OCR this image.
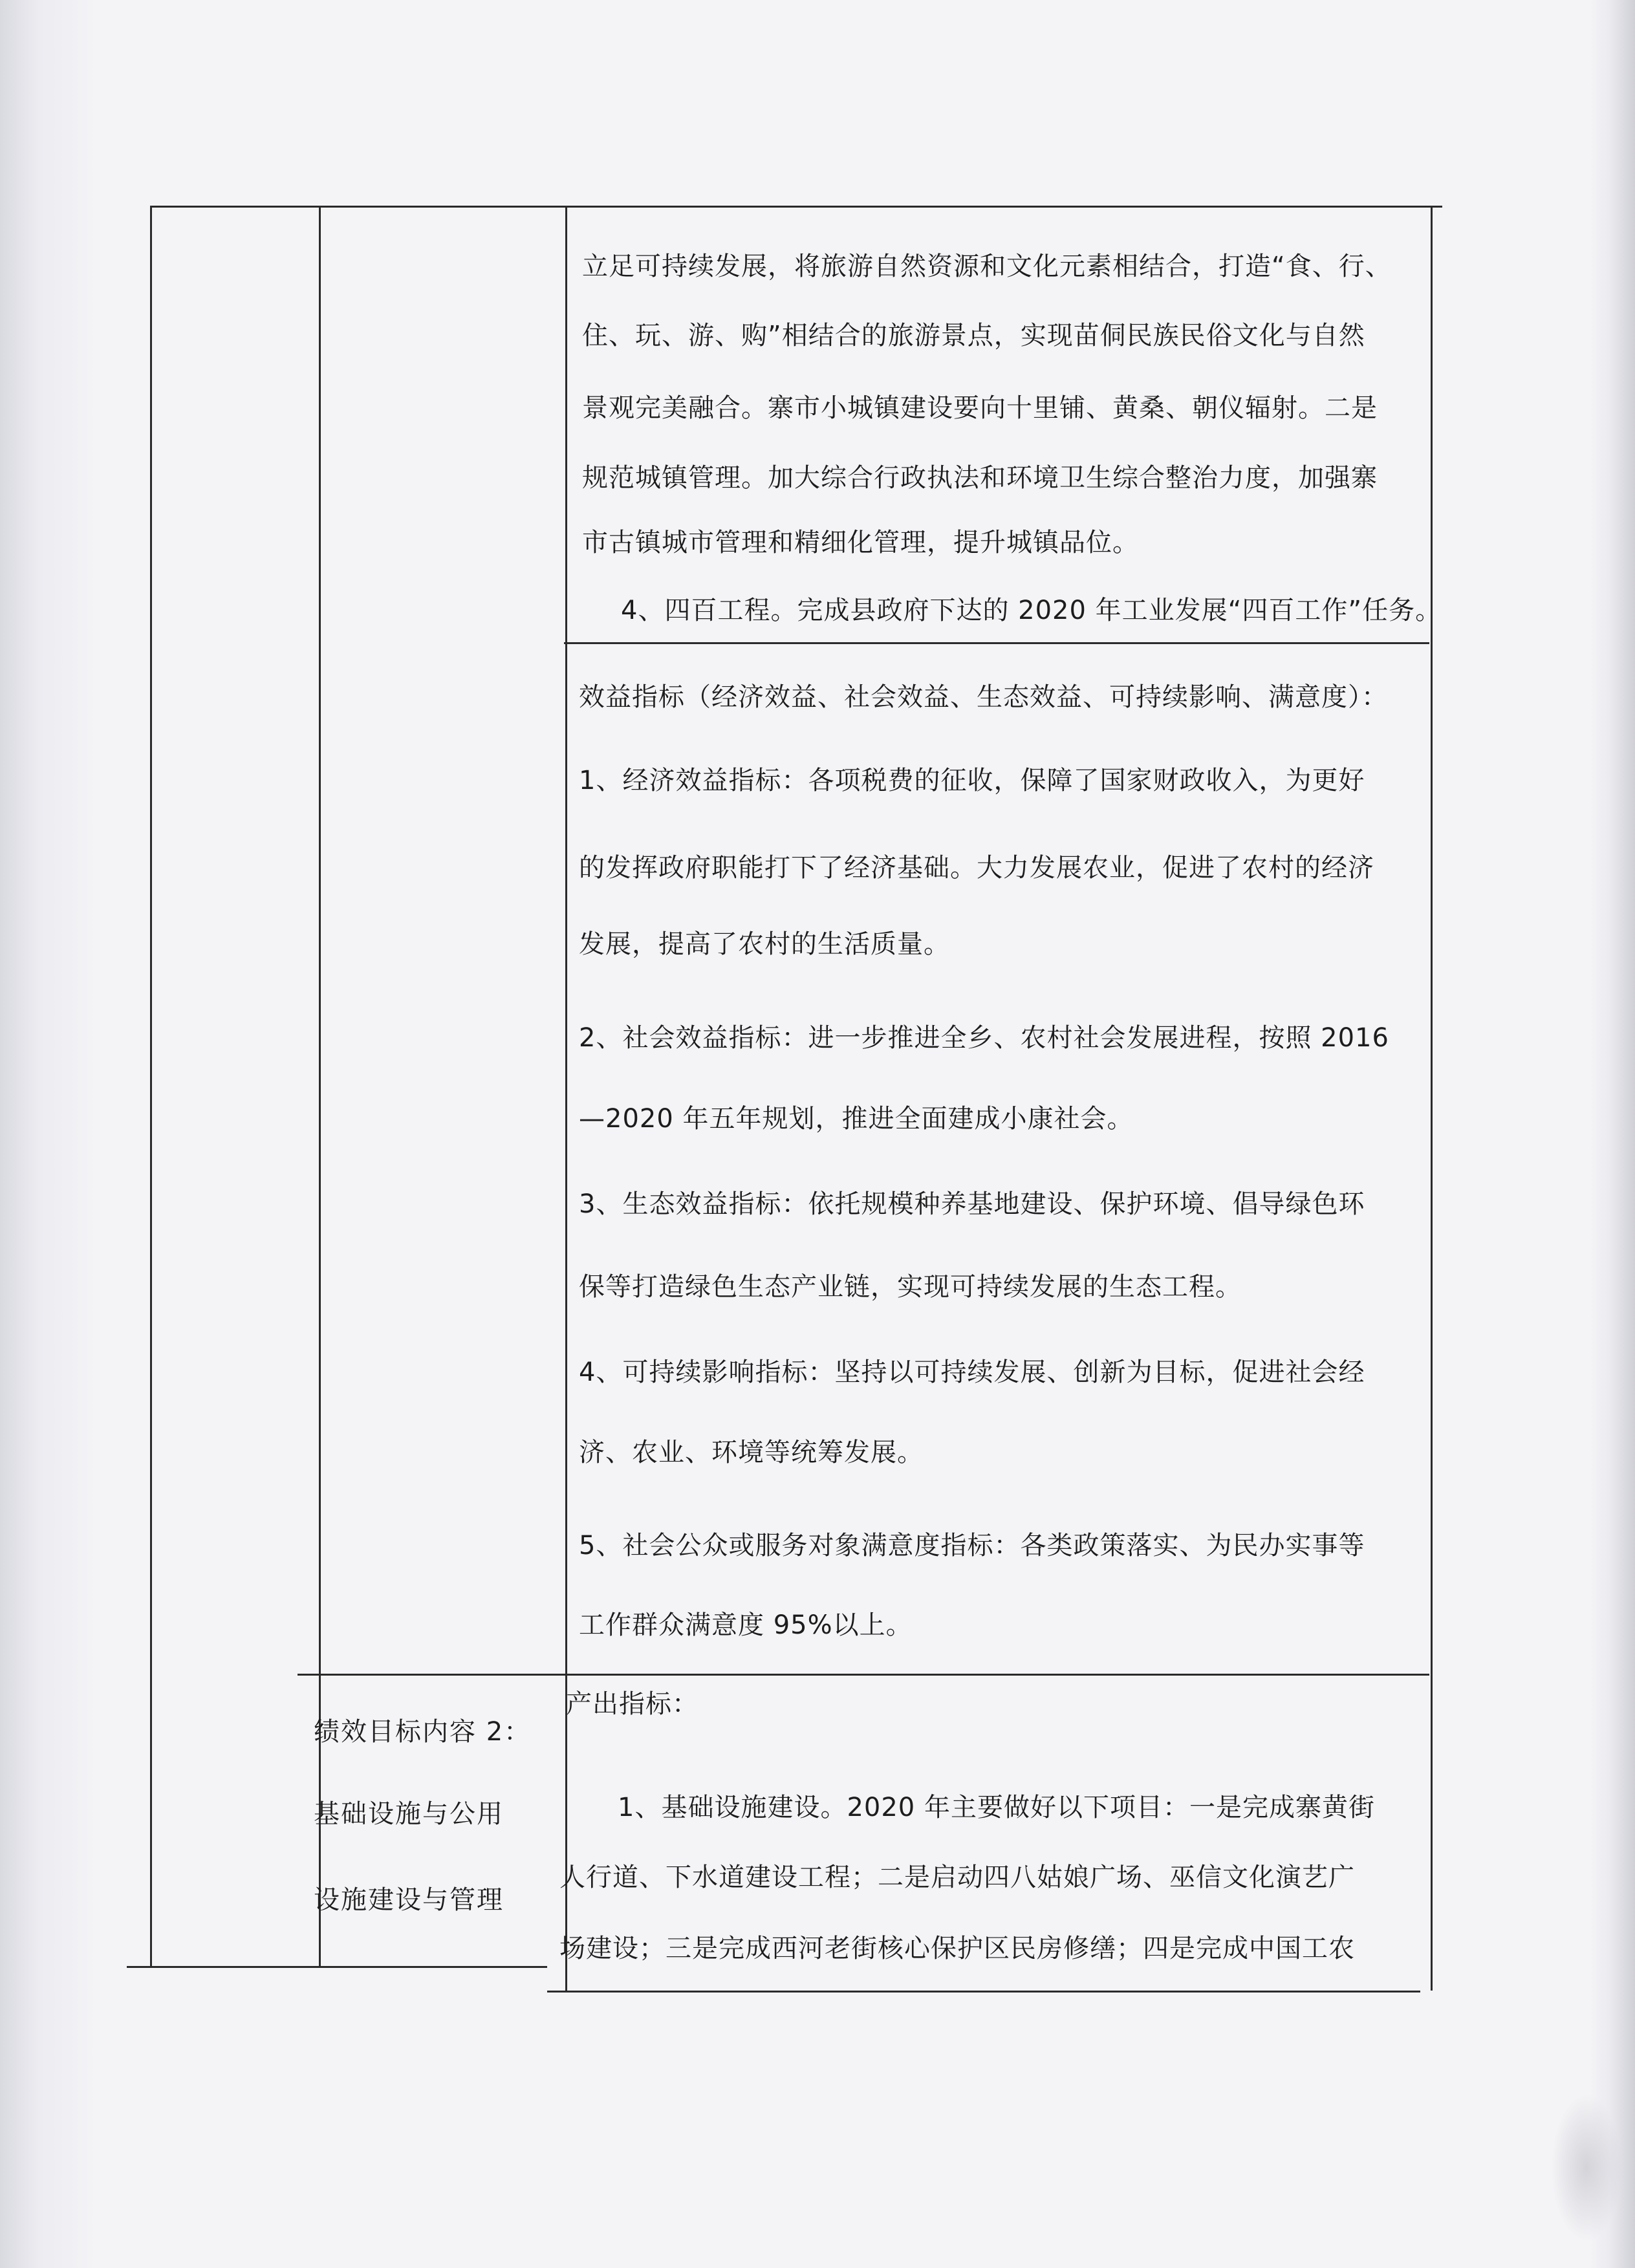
立足可持续发展，将旅游自然资源和文化元素相结合，打造“食、行、
住、玩、游、购”相结合的旅游景点，实现苗侗民族民俗文化与自然
景观完美融合。寨市小城镇建设要向十里铺、黄桑、朝仪辐射。二是
规范城镇管理。加大综合行政执法和环境卫生综合整治力度，加强寨
市古镇城市管理和精细化管理，提升城镇品位。
4、四百工程。完成县政府下达的 2020 年工业发展“四百工作”任务。
效益指标（经济效益、社会效益、生态效益、可持续影响、满意度）：
1、经济效益指标：各项税费的征收，保障了国家财政收入，为更好
的发挥政府职能打下了经济基础。大力发展农业，促进了农村的经济
发展，提高了农村的生活质量。
2、社会效益指标：进一步推进全乡、农村社会发展进程，按照 2016
—2020 年五年规划，推进全面建成小康社会。
3、生态效益指标：依托规模种养基地建设、保护环境、倡导绿色环
保等打造绿色生态产业链，实现可持续发展的生态工程。
4、可持续影响指标：坚持以可持续发展、创新为目标，促进社会经
济、农业、环境等统筹发展。
5、社会公众或服务对象满意度指标：各类政策落实、为民办实事等
工作群众满意度 95%以上。
绩效目标内容 2：
基础设施与公用
设施建设与管理
产出指标：
1、基础设施建设。2020 年主要做好以下项目：一是完成寨黄街
人行道、下水道建设工程；二是启动四八姑娘广场、巫信文化演艺广
场建设；三是完成西河老街核心保护区民房修缮；四是完成中国工农
